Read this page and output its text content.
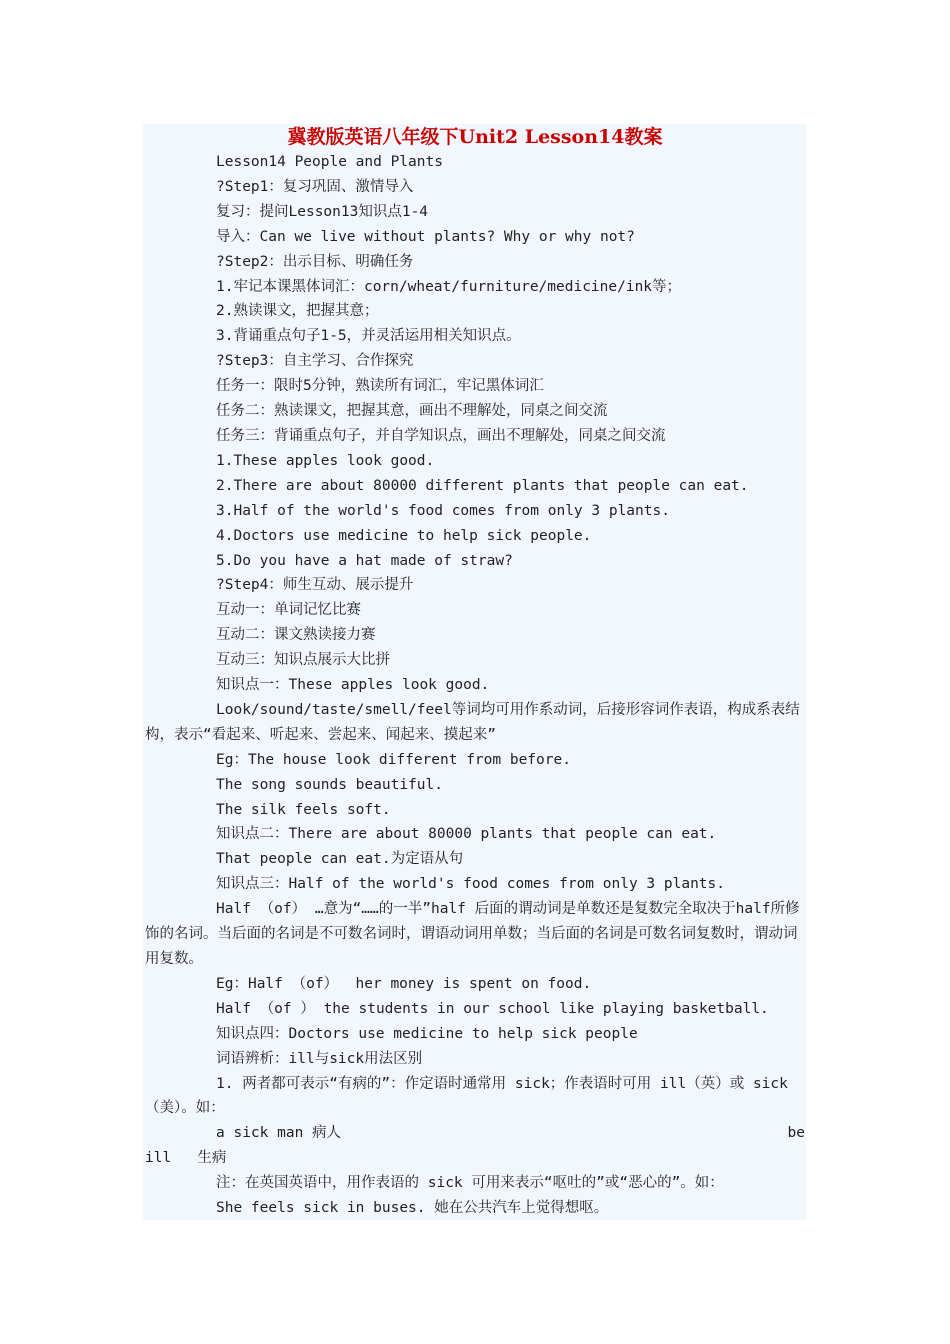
冀教版英语八年级下Unit2 Lesson14教案
Lesson14 People and Plants
?Step1：复习巩固、激情导入
复习：提问Lesson13知识点1-4
导入：Can we live without plants? Why or why not?
?Step2：出示目标、明确任务
1.牢记本课黑体词汇：corn/wheat/furniture/medicine/ink等；
2.熟读课文，把握其意；
3.背诵重点句子1-5，并灵活运用相关知识点。
?Step3：自主学习、合作探究
任务一：限时5分钟，熟读所有词汇，牢记黑体词汇
任务二：熟读课文，把握其意，画出不理解处，同桌之间交流
任务三：背诵重点句子，并自学知识点，画出不理解处，同桌之间交流
1.These apples look good.
2.There are about 80000 different plants that people can eat.
3.Half of the world's food comes from only 3 plants.
4.Doctors use medicine to help sick people.
5.Do you have a hat made of straw?
?Step4：师生互动、展示提升
互动一：单词记忆比赛
互动二：课文熟读接力赛
互动三：知识点展示大比拼
知识点一：These apples look good.
Look/sound/taste/smell/feel等词均可用作系动词，后接形容词作表语，构成系表结构，表示“看起来、听起来、尝起来、闻起来、摸起来”
Eg：The house look different from before.
The song sounds beautiful.
The silk feels soft.
知识点二：There are about 80000 plants that people can eat.
That people can eat.为定语从句
知识点三：Half of the world's food comes from only 3 plants.
Half （of） …意为“……的一半”half 后面的谓动词是单数还是复数完全取决于half所修饰的名词。当后面的名词是不可数名词时，谓语动词用单数；当后面的名词是可数名词复数时，谓动词用复数。
Eg：Half （of）  her money is spent on food.
Half （of ） the students in our school like playing basketball.
知识点四：Doctors use medicine to help sick people
词语辨析：ill与sick用法区别
1. 两者都可表示“有病的”：作定语时通常用 sick；作表语时可用 ill（英）或 sick （美）。如：
a sick man 病人	be
ill   生病
注：在英国英语中，用作表语的 sick 可用来表示“呕吐的”或“恶心的”。如：
She feels sick in buses. 她在公共汽车上觉得想呕。
